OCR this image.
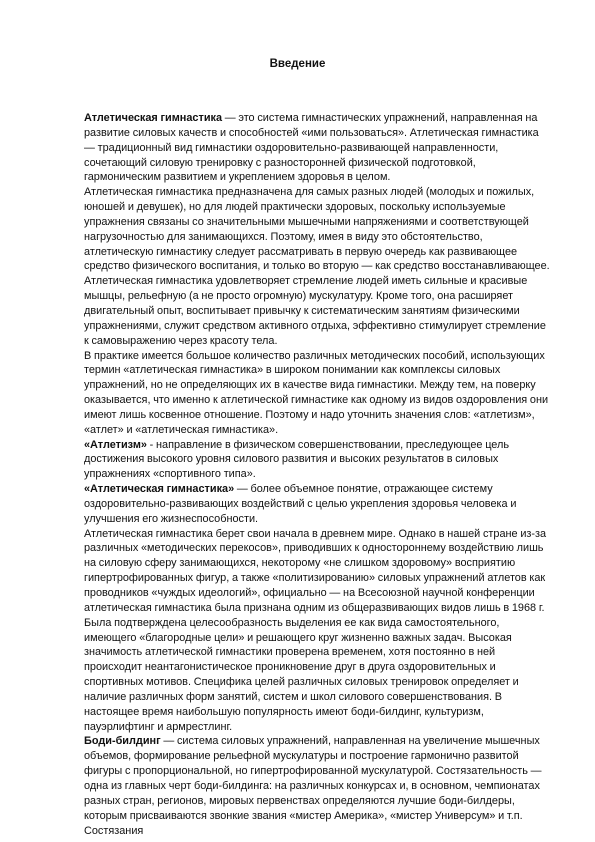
Введение

Атлетическая гимнастика — это система гимнастических упражнений, направленная на развитие силовых качеств и способностей «ими пользоваться». Атлетическая гимнастика — традиционный вид гимнастики оздоровительно-развивающей направленности, сочетающий силовую тренировку с разносторонней физической подготовкой, гармоническим развитием и укреплением здоровья в целом.

Атлетическая гимнастика предназначена для самых разных людей (молодых и пожилых, юношей и девушек), но для людей практически здоровых, поскольку используемые упражнения связаны со значительными мышечными напряжениями и соответствующей нагрузочностью для занимающихся. Поэтому, имея в виду это обстоятельство, атлетическую гимнастику следует рассматривать в первую очередь как развивающее средство физического воспитания, и только во вторую — как средство восстанавливающее.

Атлетическая гимнастика удовлетворяет стремление людей иметь сильные и красивые мышцы, рельефную (а не просто огромную) мускулатуру. Кроме того, она расширяет двигательный опыт, воспитывает привычку к систематическим занятиям физическими упражнениями, служит средством активного отдыха, эффективно стимулирует стремление к самовыражению через красоту тела.

В практике имеется большое количество различных методических пособий, использующих термин «атлетическая гимнастика» в широком понимании как комплексы силовых упражнений, но не определяющих их в качестве вида гимнастики. Между тем, на поверку оказывается, что именно к атлетической гимнастике как одному из видов оздоровления они имеют лишь косвенное отношение. Поэтому и надо уточнить значения слов: «атлетизм», «атлет» и «атлетическая гимнастика».

«Атлетизм» - направление в физическом совершенствовании, преследующее цель достижения высокого уровня силового развития и высоких результатов в силовых упражнениях «спортивного типа».

«Атлетическая гимнастика» — более объемное понятие, отражающее систему оздоровительно-развивающих воздействий с целью укрепления здоровья человека и улучшения его жизнеспособности.

Атлетическая гимнастика берет свои начала в древнем мире. Однако в нашей стране из-за различных «методических перекосов», приводивших к одностороннему воздействию лишь на силовую сферу занимающихся, некоторому «не слишком здоровому» восприятию гипертрофированных фигур, а также «политизированию» силовых упражнений атлетов как проводников «чуждых идеологий», официально — на Всесоюзной научной конференции атлетическая гимнастика была признана одним из общеразвивающих видов лишь в 1968 г. Была подтверждена целесообразность выделения ее как вида самостоятельного, имеющего «благородные цели» и решающего круг жизненно важных задач. Высокая значимость атлетической гимнастики проверена временем, хотя постоянно в ней происходит неантагонистическое проникновение друг в друга оздоровительных и спортивных мотивов. Специфика целей различных силовых тренировок определяет и наличие различных форм занятий, систем и школ силового совершенствования. В настоящее время наибольшую популярность имеют боди-билдинг, культуризм, пауэрлифтинг и армрестлинг.

Боди-билдинг — система силовых упражнений, направленная на увеличение мышечных объемов, формирование рельефной мускулатуры и построение гармонично развитой фигуры с пропорциональной, но гипертрофированной мускулатурой. Состязательность — одна из главных черт боди-билдинга: на различных конкурсах и, в основном, чемпионатах разных стран, регионов, мировых первенствах определяются лучшие боди-билдеры, которым присваиваются звонкие звания «мистер Америка», «мистер Универсум» и т.п. Состязания
